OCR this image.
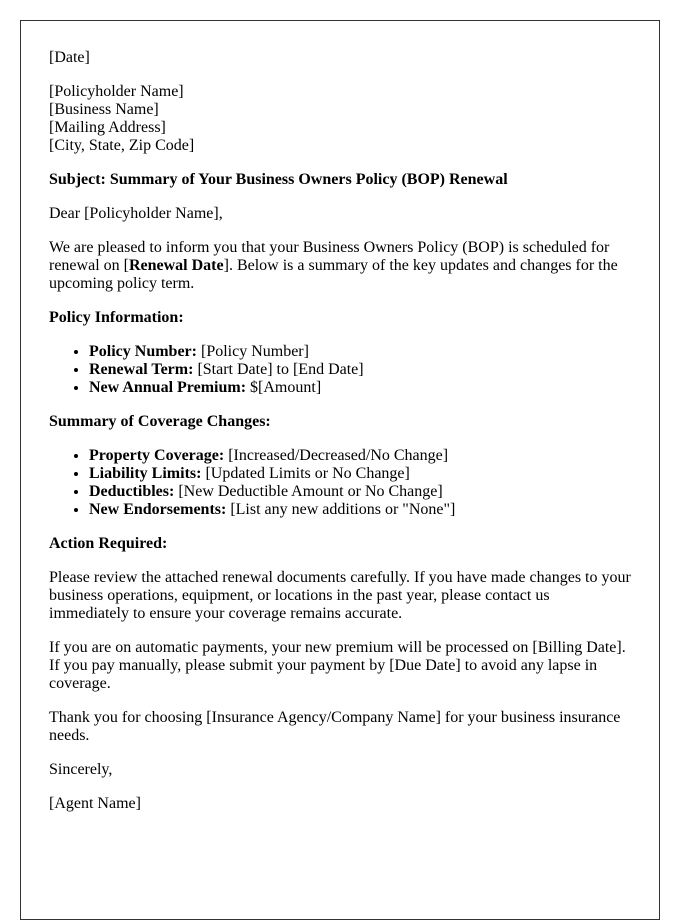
[Date]

[Policyholder Name]

[Business Name]

[Mailing Address]

[City, State, Zip Code]

Subject: Summary of Your Business Owners Policy (BOP) Renewal

Dear [Policyholder Name],

We are pleased to inform you that your Business Owners Policy (BOP) is scheduled for renewal on [Renewal Date]. Below is a summary of the key updates and changes for the upcoming policy term.

Policy Information:

• Policy Number: [Policy Number]
• Renewal Term: [Start Date] to [End Date]
• New Annual Premium: $[Amount]

Summary of Coverage Changes:

• Property Coverage: [Increased/Decreased/No Change]
• Liability Limits: [Updated Limits or No Change]
• Deductibles: [New Deductible Amount or No Change]
• New Endorsements: [List any new additions or "None"]

Action Required:

Please review the attached renewal documents carefully. If you have made changes to your business operations, equipment, or locations in the past year, please contact us immediately to ensure your coverage remains accurate.

If you are on automatic payments, your new premium will be processed on [Billing Date]. If you pay manually, please submit your payment by [Due Date] to avoid any lapse in coverage.

Thank you for choosing [Insurance Agency/Company Name] for your business insurance needs.

Sincerely,

[Agent Name]
